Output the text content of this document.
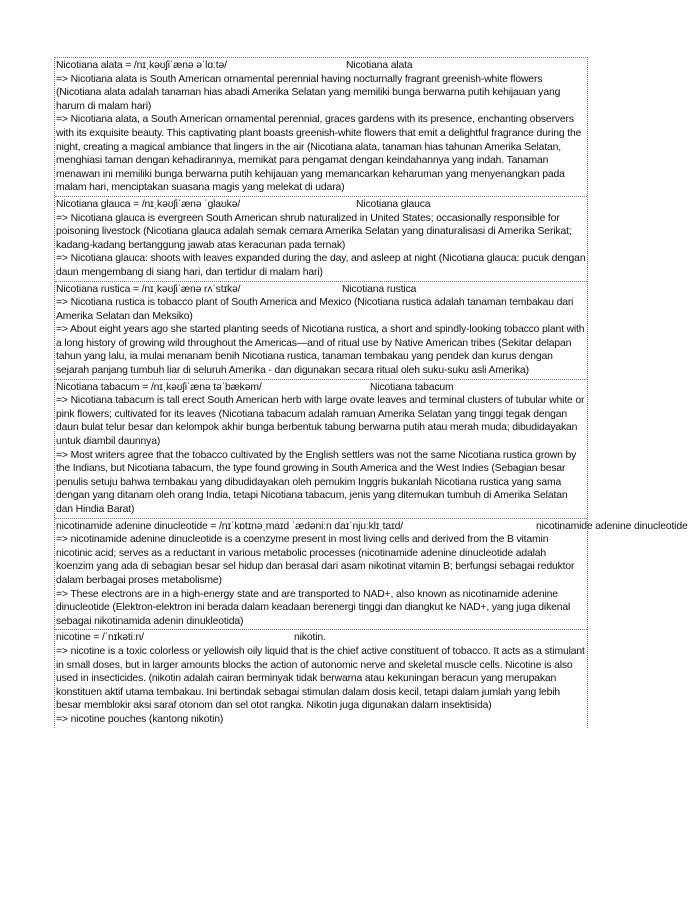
Nicotiana alata = /nɪˌkəʊʃiˈænə əˈlɑːtə/	Nicotiana alata
=> Nicotiana alata is South American ornamental perennial having nocturnally fragrant greenish-white flowers (Nicotiana alata adalah tanaman hias abadi Amerika Selatan yang memiliki bunga berwarna putih kehijauan yang harum di malam hari)
=> Nicotiana alata, a South American ornamental perennial, graces gardens with its presence, enchanting observers with its exquisite beauty. This captivating plant boasts greenish-white flowers that emit a delightful fragrance during the night, creating a magical ambiance that lingers in the air (Nicotiana alata, tanaman hias tahunan Amerika Selatan, menghiasi taman dengan kehadirannya, memikat para pengamat dengan keindahannya yang indah. Tanaman menawan ini memiliki bunga berwarna putih kehijauan yang memancarkan keharuman yang menyenangkan pada malam hari, menciptakan suasana magis yang melekat di udara)
Nicotiana glauca = /nɪˌkəʊʃiˈænə ˈɡlaʊkə/	Nicotiana glauca
=> Nicotiana glauca is evergreen South American shrub naturalized in United States; occasionally responsible for poisoning livestock (Nicotiana glauca adalah semak cemara Amerika Selatan yang dinaturalisasi di Amerika Serikat; kadang-kadang bertanggung jawab atas keracunan pada ternak)
=> Nicotiana glauca: shoots with leaves expanded during the day, and asleep at night (Nicotiana glauca: pucuk dengan daun mengembang di siang hari, dan tertidur di malam hari)
Nicotiana rustica = /nɪˌkəʊʃiˈænə rʌˈstɪkə/	Nicotiana rustica
=> Nicotiana rustica is tobacco plant of South America and Mexico (Nicotiana rustica adalah tanaman tembakau dari Amerika Selatan dan Meksiko)
=> About eight years ago she started planting seeds of Nicotiana rustica, a short and spindly-looking tobacco plant with a long history of growing wild throughout the Americas—and of ritual use by Native American tribes (Sekitar delapan tahun yang lalu, ia mulai menanam benih Nicotiana rustica, tanaman tembakau yang pendek dan kurus dengan sejarah panjang tumbuh liar di seluruh Amerika - dan digunakan secara ritual oleh suku-suku asli Amerika)
Nicotiana tabacum = /nɪˌkəʊʃiˈænə təˈbækəm/	Nicotiana tabacum
=> Nicotiana tabacum is tall erect South American herb with large ovate leaves and terminal clusters of tubular white or pink flowers; cultivated for its leaves (Nicotiana tabacum adalah ramuan Amerika Selatan yang tinggi tegak dengan daun bulat telur besar dan kelompok akhir bunga berbentuk tabung berwarna putih atau merah muda; dibudidayakan untuk diambil daunnya)
=> Most writers agree that the tobacco cultivated by the English settlers was not the same Nicotiana rustica grown by the Indians, but Nicotiana tabacum, the type found growing in South America and the West Indies (Sebagian besar penulis setuju bahwa tembakau yang dibudidayakan oleh pemukim Inggris bukanlah Nicotiana rustica yang sama dengan yang ditanam oleh orang India, tetapi Nicotiana tabacum, jenis yang ditemukan tumbuh di Amerika Selatan dan Hindia Barat)
nicotinamide adenine dinucleotide = /nɪˈkɒtɪnəˌmaɪd ˈædəniːn daɪˈnjuːklɪˌtaɪd/	nicotinamide adenine dinucleotide
=> nicotinamide adenine dinucleotide is a coenzyme present in most living cells and derived from the B vitamin nicotinic acid; serves as a reductant in various metabolic processes (nicotinamide adenine dinucleotide adalah koenzim yang ada di sebagian besar sel hidup dan berasal dari asam nikotinat vitamin B; berfungsi sebagai reduktor dalam berbagai proses metabolisme)
=> These electrons are in a high-energy state and are transported to NAD+, also known as nicotinamide adenine dinucleotide (Elektron-elektron ini berada dalam keadaan berenergi tinggi dan diangkut ke NAD+, yang juga dikenal sebagai nikotinamida adenin dinukleotida)
nicotine = /ˈnɪkətiːn/	nikotin.
=> nicotine is a toxic colorless or yellowish oily liquid that is the chief active constituent of tobacco. It acts as a stimulant in small doses, but in larger amounts blocks the action of autonomic nerve and skeletal muscle cells. Nicotine is also used in insecticides. (nikotin adalah cairan berminyak tidak berwarna atau kekuningan beracun yang merupakan konstituen aktif utama tembakau. Ini bertindak sebagai stimulan dalam dosis kecil, tetapi dalam jumlah yang lebih besar memblokir aksi saraf otonom dan sel otot rangka. Nikotin juga digunakan dalam insektisida)
=> nicotine pouches (kantong nikotin)
